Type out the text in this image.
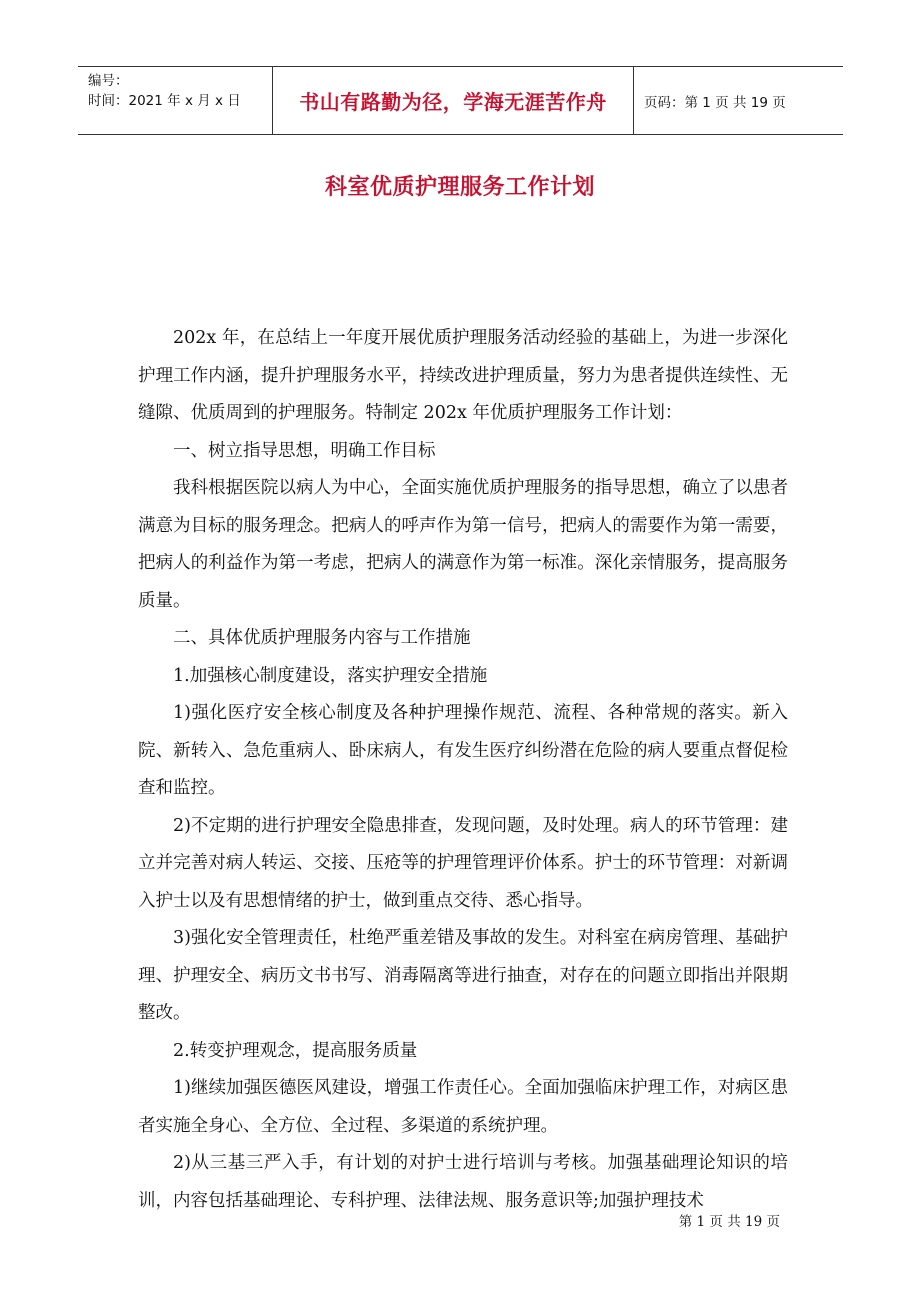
编号：
时间：2021 年 x 月 x 日	书山有路勤为径，学海无涯苦作舟	页码：第 1 页 共 19 页
科室优质护理服务工作计划

202x 年，在总结上一年度开展优质护理服务活动经验的基础上，为进一步深化护理工作内涵，提升护理服务水平，持续改进护理质量，努力为患者提供连续性、无缝隙、优质周到的护理服务。特制定 202x 年优质护理服务工作计划：

一、树立指导思想，明确工作目标

我科根据医院以病人为中心，全面实施优质护理服务的指导思想，确立了以患者满意为目标的服务理念。把病人的呼声作为第一信号，把病人的需要作为第一需要，把病人的利益作为第一考虑，把病人的满意作为第一标准。深化亲情服务，提高服务质量。

二、具体优质护理服务内容与工作措施

1.加强核心制度建设，落实护理安全措施

1)强化医疗安全核心制度及各种护理操作规范、流程、各种常规的落实。新入院、新转入、急危重病人、卧床病人，有发生医疗纠纷潜在危险的病人要重点督促检查和监控。

2)不定期的进行护理安全隐患排查，发现问题，及时处理。病人的环节管理：建立并完善对病人转运、交接、压疮等的护理管理评价体系。护士的环节管理：对新调入护士以及有思想情绪的护士，做到重点交待、悉心指导。

3)强化安全管理责任，杜绝严重差错及事故的发生。对科室在病房管理、基础护理、护理安全、病历文书书写、消毒隔离等进行抽查，对存在的问题立即指出并限期整改。

2.转变护理观念，提高服务质量

1)继续加强医德医风建设，增强工作责任心。全面加强临床护理工作，对病区患者实施全身心、全方位、全过程、多渠道的系统护理。

2)从三基三严入手，有计划的对护士进行培训与考核。加强基础理论知识的培训，内容包括基础理论、专科护理、法律法规、服务意识等;加强护理技术

第 1 页 共 19 页
